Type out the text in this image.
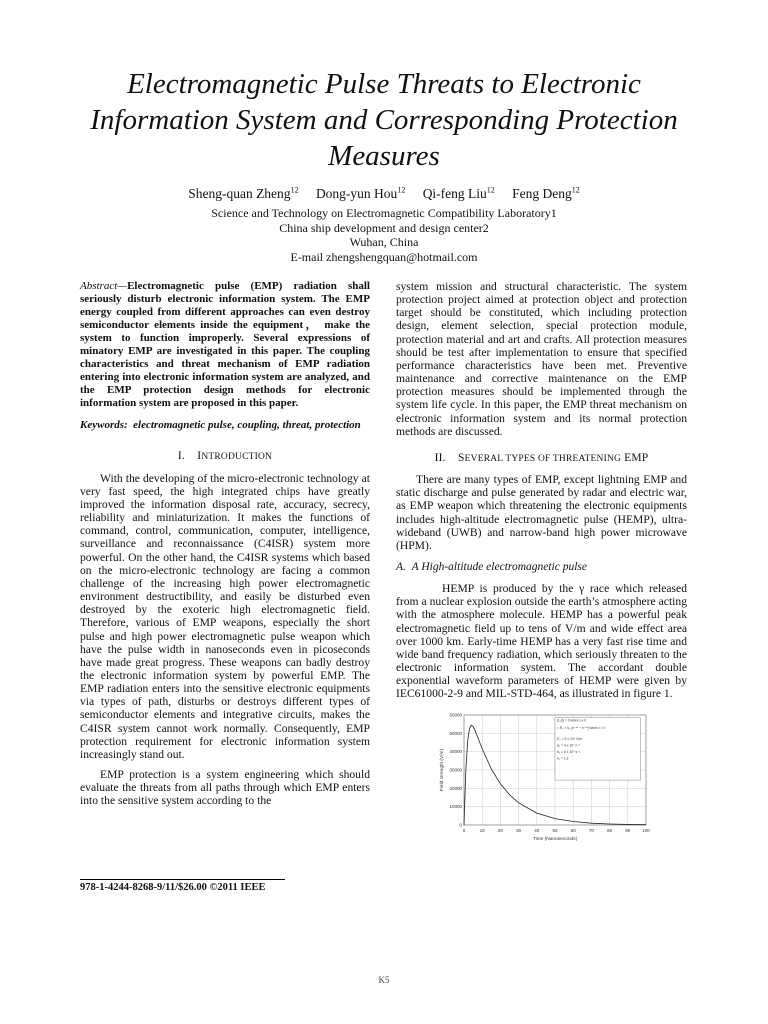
Electromagnetic Pulse Threats to Electronic Information System and Corresponding Protection Measures
Sheng-quan Zheng$^{12}$ Dong-yun Hou$^{12}$ Qi-feng Liu$^{12}$ Feng Deng$^{12}$
Science and Technology on Electromagnetic Compatibility Laboratory1
China ship development and design center2
Wuhan, China
E-mail zhengshengquan@hotmail.com

Abstract—Electromagnetic pulse (EMP) radiation shall seriously disturb electronic information system. The EMP energy coupled from different approaches can even destroy semiconductor elements inside the equipment， make the system to function improperly. Several expressions of minatory EMP are investigated in this paper. The coupling characteristics and threat mechanism of EMP radiation entering into electronic information system are analyzed, and the EMP protection design methods for electronic information system are proposed in this paper.

Keywords: electromagnetic pulse, coupling, threat, protection

I. INTRODUCTION

With the developing of the micro-electronic technology at very fast speed, the high integrated chips have greatly improved the information disposal rate, accuracy, secrecy, reliability and miniaturization. It makes the functions of command, control, communication, computer, intelligence, surveillance and reconnaissance (C4ISR) system more powerful. On the other hand, the C4ISR systems which based on the micro-electronic technology are facing a common challenge of the increasing high power electromagnetic environment destructibility, and easily be disturbed even destroyed by the exoteric high electromagnetic field. Therefore, various of EMP weapons, especially the short pulse and high power electromagnetic pulse weapon which have the pulse width in nanoseconds even in picoseconds have made great progress. These weapons can badly destroy the electronic information system by powerful EMP. The EMP radiation enters into the sensitive electronic equipments via types of path, disturbs or destroys different types of semiconductor elements and integrative circuits, makes the C4ISR system cannot work normally. Consequently, EMP protection requirement for electronic information system increasingly stand out.

EMP protection is a system engineering which should evaluate the threats from all paths through which EMP enters into the sensitive system according to the

system mission and structural characteristic. The system protection project aimed at protection object and protection target should be constituted, which including protection design, element selection, special protection module, protection material and art and crafts. All protection measures should be test after implementation to ensure that specified performance characteristics have been met. Preventive maintenance and corrective maintenance on the EMP protection measures should be implemented through the system life cycle. In this paper, the EMP threat mechanism on electronic information system and its normal protection methods are discussed.

II. SEVERAL TYPES OF THREATENING EMP

There are many types of EMP, except lightning EMP and static discharge and pulse generated by radar and electric war, as EMP weapon which threatening the electronic equipments includes high-altitude electromagnetic pulse (HEMP), ultra-wideband (UWB) and narrow-band high power microwave (HPM).

A. A High-altitude electromagnetic pulse

HEMP is produced by the γ race which released from a nuclear explosion outside the earth’s atmosphere acting with the atmosphere molecule. HEMP has a powerful peak electromagnetic field up to tens of V/m and wide effect area over 1000 km. Early-time HEMP has a very fast rise time and wide band frequency radiation, which seriously threaten to the electronic information system. The accordant double exponential waveform parameters of HEMP were given by IEC61000-2-9 and MIL-STD-464, as illustrated in figure 1.

0	10	20	30	40	50	60	70	80	90	100
0
10000
20000
30000
40000
50000
60000
Time (Nanoseconds)
Field strength (V/m)
E₀(t) = 0 when t ≤ 0
= E₀ × k₁ (e⁻ᵃᵗ − e⁻ᵇᵗ) when t > 0
E₀ = 5 x 10⁴ V/m
a₁ = 4 x 10⁷ s⁻¹
b₁ = 6 x 10⁸ s⁻¹
k₁ = 1.3
978-1-4244-8268-9/11/$26.00 ©2011 IEEE
K5
